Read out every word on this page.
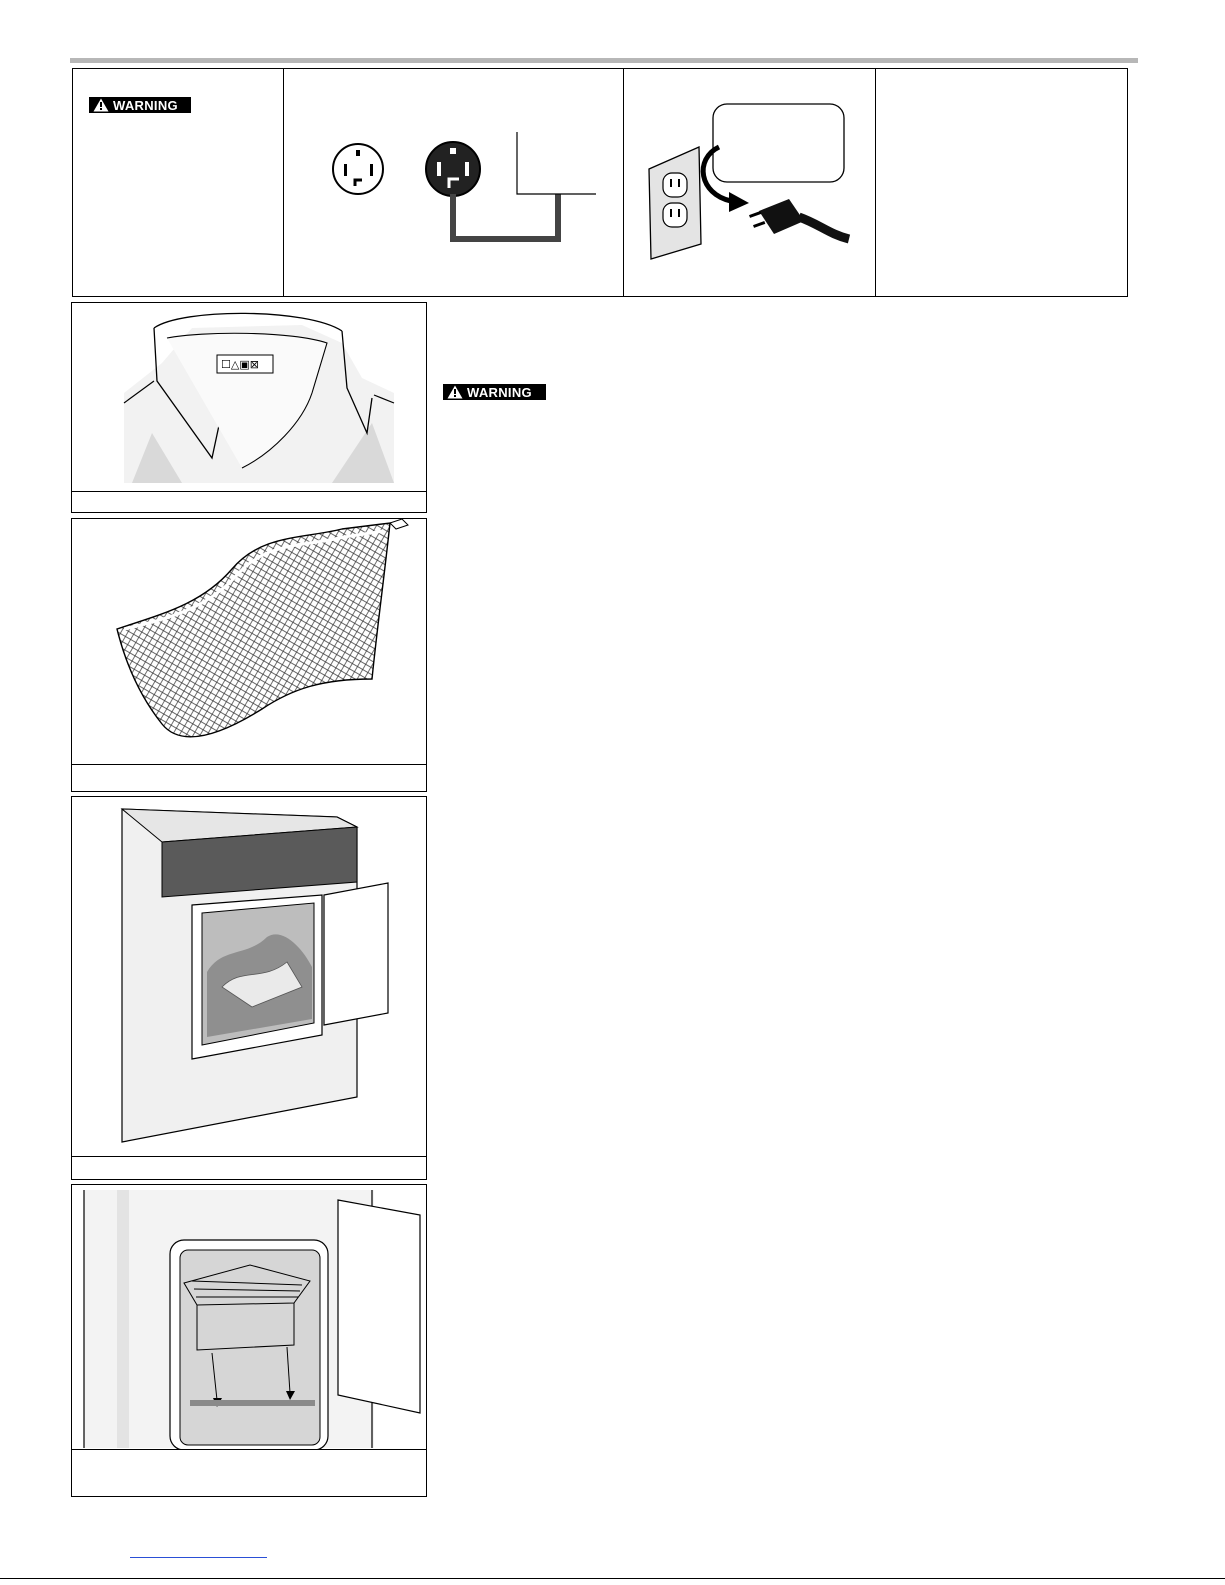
WARNING
☐△▣⊠
WARNING
